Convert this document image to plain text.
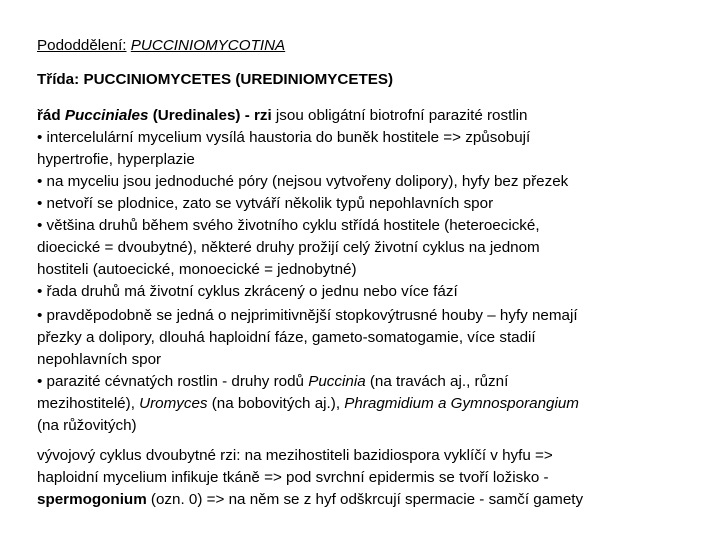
Pododdělení: PUCCINIOMYCOTINA
Třída: PUCCINIOMYCETES (UREDINIOMYCETES)
řád Pucciniales (Uredinales) - rzi jsou obligátní biotrofní parazité rostlin
• intercelulární mycelium vysílá haustoria do buněk hostitele => způsobují
hypertrofie, hyperplazie
• na myceliu jsou jednoduché póry (nejsou vytvořeny dolipory), hyfy bez přezek
• netvoří se plodnice, zato se vytváří několik typů nepohlavních spor
• většina druhů během svého životního cyklu střídá hostitele (heteroecické,
dioecické = dvoubytné), některé druhy prožijí celý životní cyklus na jednom
hostiteli (autoecické, monoecické = jednobytné)
• řada druhů má životní cyklus zkrácený o jednu nebo více fází
• pravděpodobně se jedná o nejprimitivnější stopkovýtrusné houby – hyfy nemají
přezky a dolipory, dlouhá haploidní fáze, gameto-somatogamie, více stadií
nepohlavních spor
• parazité cévnatých rostlin - druhy rodů Puccinia (na travách aj., různí
mezihostitelé), Uromyces (na bobovitých aj.), Phragmidium a Gymnosporangium
(na růžovitých)
vývojový cyklus dvoubytné rzi: na mezihostiteli bazidiospora vyklíčí v hyfu =>
haploidní mycelium infikuje tkáně => pod svrchní epidermis se tvoří ložisko -
spermogonium (ozn. 0) => na něm se z hyf odškrcují spermacie - samčí gamety
